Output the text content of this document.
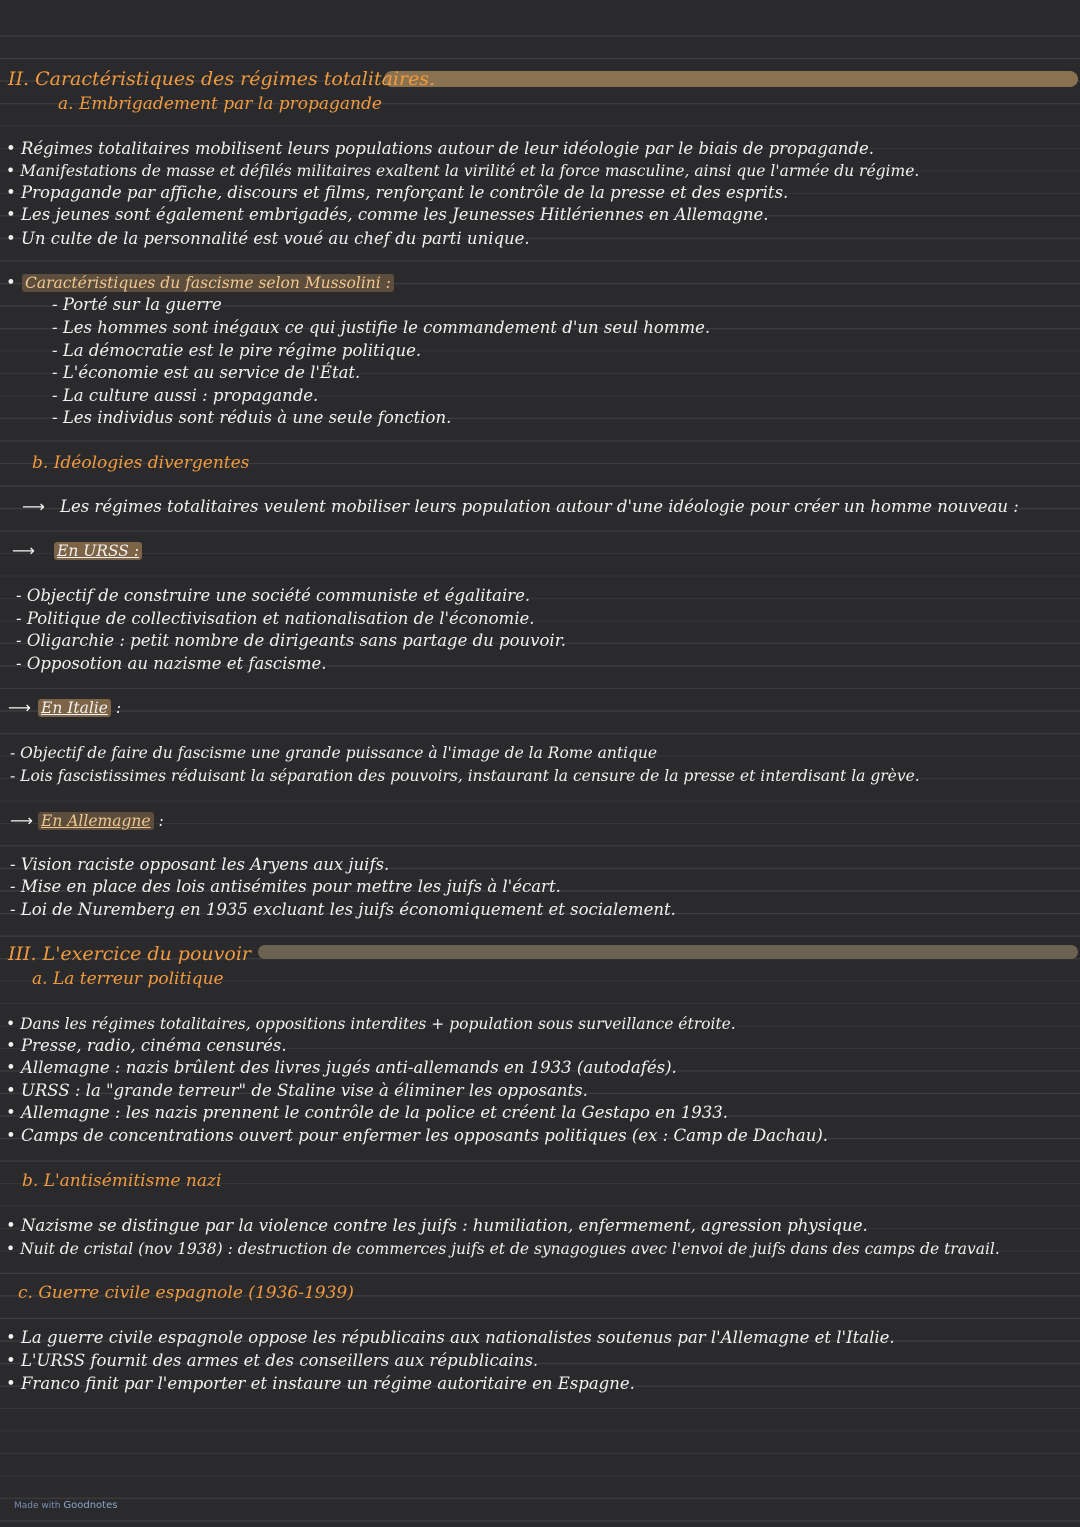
II. Caractéristiques des régimes totalitaires.
a. Embrigadement par la propagande
• Régimes totalitaires mobilisent leurs populations autour de leur idéologie par le biais de propagande.
• Manifestations de masse et défilés militaires exaltent la virilité et la force masculine, ainsi que l'armée du régime.
• Propagande par affiche, discours et films, renforçant le contrôle de la presse et des esprits.
• Les jeunes sont également embrigadés, comme les Jeunesses Hitlériennes en Allemagne.
• Un culte de la personnalité est voué au chef du parti unique.
• Caractéristiques du fascisme selon Mussolini :
- Porté sur la guerre
- Les hommes sont inégaux ce qui justifie le commandement d'un seul homme.
- La démocratie est le pire régime politique.
- L'économie est au service de l'État.
- La culture aussi : propagande.
- Les individus sont réduis à une seule fonction.
b. Idéologies divergentes
⟶ Les régimes totalitaires veulent mobiliser leurs population autour d'une idéologie pour créer un homme nouveau :
⟶ En URSS :
- Objectif de construire une société communiste et égalitaire.
- Politique de collectivisation et nationalisation de l'économie.
- Oligarchie : petit nombre de dirigeants sans partage du pouvoir.
- Opposotion au nazisme et fascisme.
⟶ En Italie :
- Objectif de faire du fascisme une grande puissance à l'image de la Rome antique
- Lois fascistissimes réduisant la séparation des pouvoirs, instaurant la censure de la presse et interdisant la grève.
⟶ En Allemagne :
- Vision raciste opposant les Aryens aux juifs.
- Mise en place des lois antisémites pour mettre les juifs à l'écart.
- Loi de Nuremberg en 1935 excluant les juifs économiquement et socialement.
III. L'exercice du pouvoir
a. La terreur politique
• Dans les régimes totalitaires, oppositions interdites + population sous surveillance étroite.
• Presse, radio, cinéma censurés.
• Allemagne : nazis brûlent des livres jugés anti-allemands en 1933 (autodafés).
• URSS : la "grande terreur" de Staline vise à éliminer les opposants.
• Allemagne : les nazis prennent le contrôle de la police et créent la Gestapo en 1933.
• Camps de concentrations ouvert pour enfermer les opposants politiques (ex : Camp de Dachau).
b. L'antisémitisme nazi
• Nazisme se distingue par la violence contre les juifs : humiliation, enfermement, agression physique.
• Nuit de cristal (nov 1938) : destruction de commerces juifs et de synagogues avec l'envoi de juifs dans des camps de travail.
c. Guerre civile espagnole (1936-1939)
• La guerre civile espagnole oppose les républicains aux nationalistes soutenus par l'Allemagne et l'Italie.
• L'URSS fournit des armes et des conseillers aux républicains.
• Franco finit par l'emporter et instaure un régime autoritaire en Espagne.
Made with Goodnotes
